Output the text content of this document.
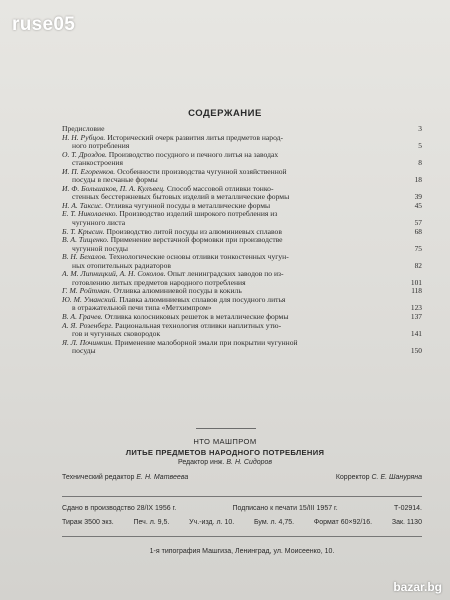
ruse05
СОДЕРЖАНИЕ
Предисловие	3
Н. Н. Рубцов. Исторический очерк развития литья предметов народ-
ного потребления	5
О. Т. Дроздов. Производство посудного и печного литья на заводах
станкостроения	8
И. П. Егоренков. Особенности производства чугунной хозяйственной
посуды в песчаные формы	18
И. Ф. Большаков, П. А. Кулъвец. Способ массовой отливки тонко-
стенных бесстержневых бытовых изделий в металлические формы	39
Н. А. Таксис. Отливка чугунной посуды в металлические формы	45
Е. Т. Николаенко. Производство изделий широкого потребления из
чугунного листа	57
Б. Т. Крысин. Производство литой посуды из алюминиевых сплавов	68
В. А. Тищенко. Применение верстачной формовки при производстве
чугунной посуды	75
В. Н. Бехалов. Технологические основы отливки тонкостенных чугун-
ных отопительных радиаторов	82
А. М. Липницкий, А. Н. Соколов. Опыт ленинградских заводов по из-
готовлению литых предметов народного потребления	101
Г. М. Ройтман. Отливка алюминиевой посуды в кокиль	118
Ю. М. Уманский. Плавка алюминиевых сплавов для посудного литья
в отражательной печи типа «Метхимпром»	123
В. А. Грачев. Отливка колосниковых решеток в металлические формы	137
А. Я. Розенберг. Рациональная технология отливки наплитных утю-
гов и чугунных сковородок	141
Я. Л. Починкин. Применение малоборной эмали при покрытии чугунной
посуды	150
НТО МАШПРОМ
ЛИТЬЕ ПРЕДМЕТОВ НАРОДНОГО ПОТРЕБЛЕНИЯ
Редактор инж. В. Н. Сидоров
Технический редактор Е. Н. Матвеева	Корректор С. Е. Шануряна
Сдано в производство 28/IX 1956 г.	Подписано к печати 15/III 1957 г.	Т-02914.
Тираж 3500 экз.	Печ. л. 9,5.	Уч.-изд. л. 10.	Бум. л. 4,75.	Формат 60×92/16.	Зак. 1130
1-я типография Машгиза, Ленинград, ул. Моисеенко, 10.
bazar.bg
